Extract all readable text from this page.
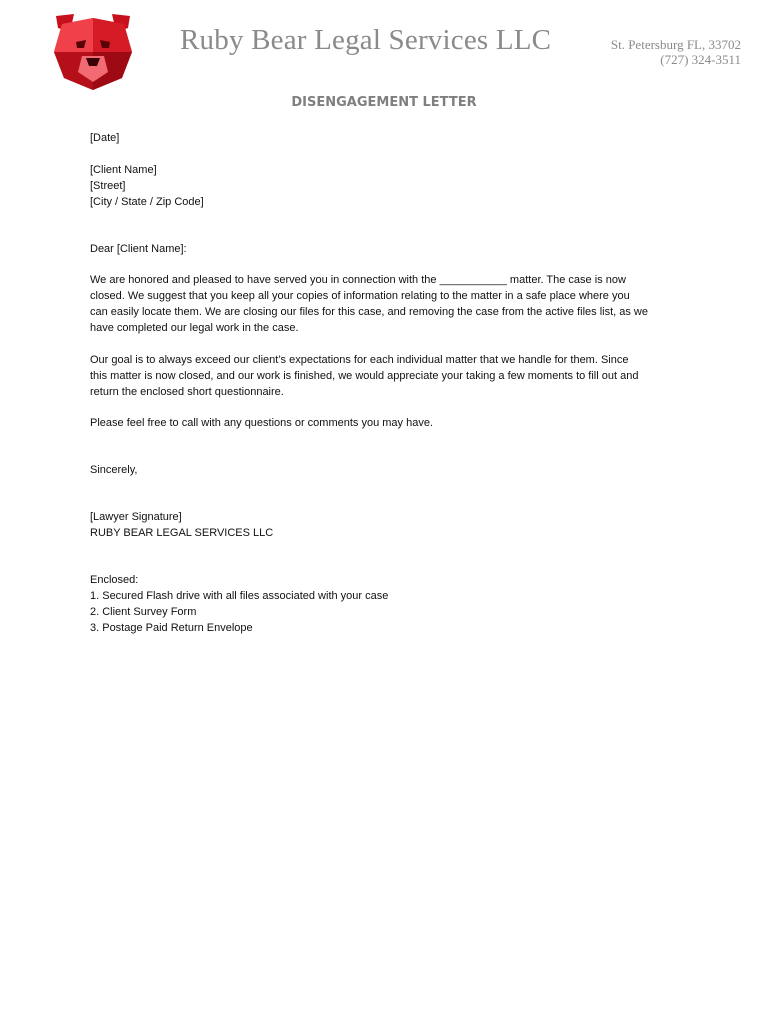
Ruby Bear Legal Services LLC	St. Petersburg FL, 33702
(727) 324-3511
DISENGAGEMENT LETTER

[Date]

[Client Name]

[Street]

[City / State / Zip Code]

Dear [Client Name]:

We are honored and pleased to have served you in connection with the ___________ matter. The case is now

closed. We suggest that you keep all your copies of information relating to the matter in a safe place where you

can easily locate them. We are closing our files for this case, and removing the case from the active files list, as we

have completed our legal work in the case.

Our goal is to always exceed our client’s expectations for each individual matter that we handle for them. Since

this matter is now closed, and our work is finished, we would appreciate your taking a few moments to fill out and

return the enclosed short questionnaire.

Please feel free to call with any questions or comments you may have.

Sincerely,

[Lawyer Signature]

RUBY BEAR LEGAL SERVICES LLC

Enclosed:

1. Secured Flash drive with all files associated with your case
2. Client Survey Form
3. Postage Paid Return Envelope
